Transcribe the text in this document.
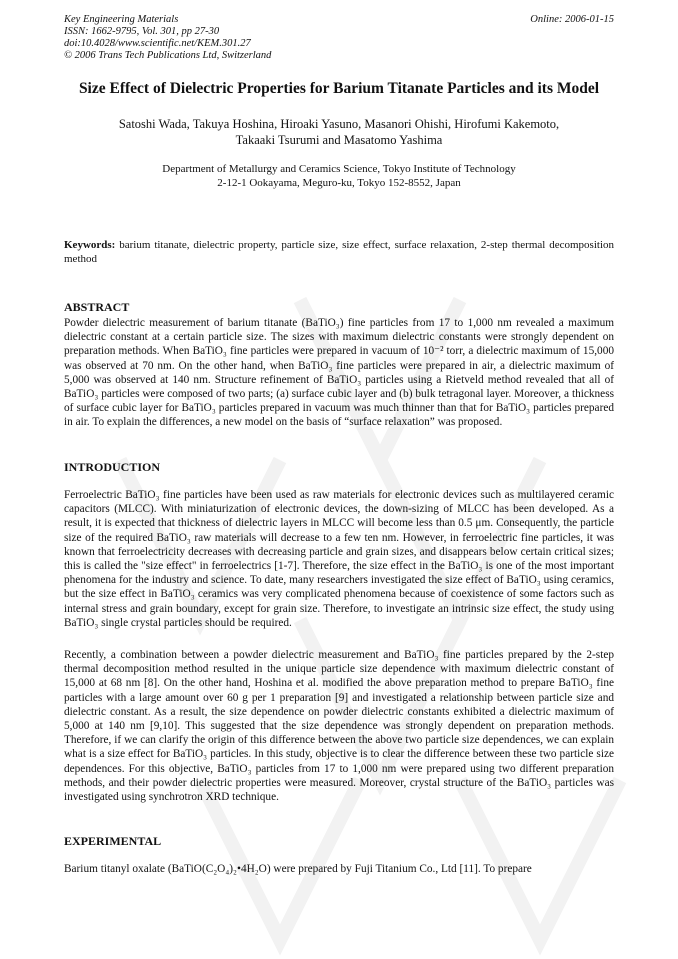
Key Engineering Materials
ISSN: 1662-9795, Vol. 301, pp 27-30
doi:10.4028/www.scientific.net/KEM.301.27
© 2006 Trans Tech Publications Ltd, Switzerland
Online: 2006-01-15
Size Effect of Dielectric Properties for Barium Titanate Particles and its Model
Satoshi Wada, Takuya Hoshina, Hiroaki Yasuno, Masanori Ohishi, Hirofumi Kakemoto,
Takaaki Tsurumi and Masatomo Yashima
Department of Metallurgy and Ceramics Science, Tokyo Institute of Technology
2-12-1 Ookayama, Meguro-ku, Tokyo 152-8552, Japan
Keywords: barium titanate, dielectric property, particle size, size effect, surface relaxation, 2-step thermal decomposition method
ABSTRACT
Powder dielectric measurement of barium titanate (BaTiO₃) fine particles from 17 to 1,000 nm revealed a maximum dielectric constant at a certain particle size. The sizes with maximum dielectric constants were strongly dependent on preparation methods. When BaTiO₃ fine particles were prepared in vacuum of 10⁻² torr, a dielectric maximum of 15,000 was observed at 70 nm. On the other hand, when BaTiO₃ fine particles were prepared in air, a dielectric maximum of 5,000 was observed at 140 nm. Structure refinement of BaTiO₃ particles using a Rietveld method revealed that all of BaTiO₃ particles were composed of two parts; (a) surface cubic layer and (b) bulk tetragonal layer. Moreover, a thickness of surface cubic layer for BaTiO₃ particles prepared in vacuum was much thinner than that for BaTiO₃ particles prepared in air. To explain the differences, a new model on the basis of “surface relaxation” was proposed.
INTRODUCTION
Ferroelectric BaTiO₃ fine particles have been used as raw materials for electronic devices such as multilayered ceramic capacitors (MLCC). With miniaturization of electronic devices, the down-sizing of MLCC has been developed. As a result, it is expected that thickness of dielectric layers in MLCC will become less than 0.5 μm. Consequently, the particle size of the required BaTiO₃ raw materials will decrease to a few ten nm. However, in ferroelectric fine particles, it was known that ferroelectricity decreases with decreasing particle and grain sizes, and disappears below certain critical sizes; this is called the "size effect" in ferroelectrics [1-7]. Therefore, the size effect in the BaTiO₃ is one of the most important phenomena for the industry and science. To date, many researchers investigated the size effect of BaTiO₃ using ceramics, but the size effect in BaTiO₃ ceramics was very complicated phenomena because of coexistence of some factors such as internal stress and grain boundary, except for grain size. Therefore, to investigate an intrinsic size effect, the study using BaTiO₃ single crystal particles should be required.
Recently, a combination between a powder dielectric measurement and BaTiO₃ fine particles prepared by the 2-step thermal decomposition method resulted in the unique particle size dependence with maximum dielectric constant of 15,000 at 68 nm [8]. On the other hand, Hoshina et al. modified the above preparation method to prepare BaTiO₃ fine particles with a large amount over 60 g per 1 preparation [9] and investigated a relationship between particle size and dielectric constant. As a result, the size dependence on powder dielectric constants exhibited a dielectric maximum of 5,000 at 140 nm [9,10]. This suggested that the size dependence was strongly dependent on preparation methods. Therefore, if we can clarify the origin of this difference between the above two particle size dependences, we can explain what is a size effect for BaTiO₃ particles. In this study, objective is to clear the difference between these two particle size dependences. For this objective, BaTiO₃ particles from 17 to 1,000 nm were prepared using two different preparation methods, and their powder dielectric properties were measured. Moreover, crystal structure of the BaTiO₃ particles was investigated using synchrotron XRD technique.
EXPERIMENTAL
Barium titanyl oxalate (BaTiO(C₂O₄)₂•4H₂O) were prepared by Fuji Titanium Co., Ltd [11]. To prepare
